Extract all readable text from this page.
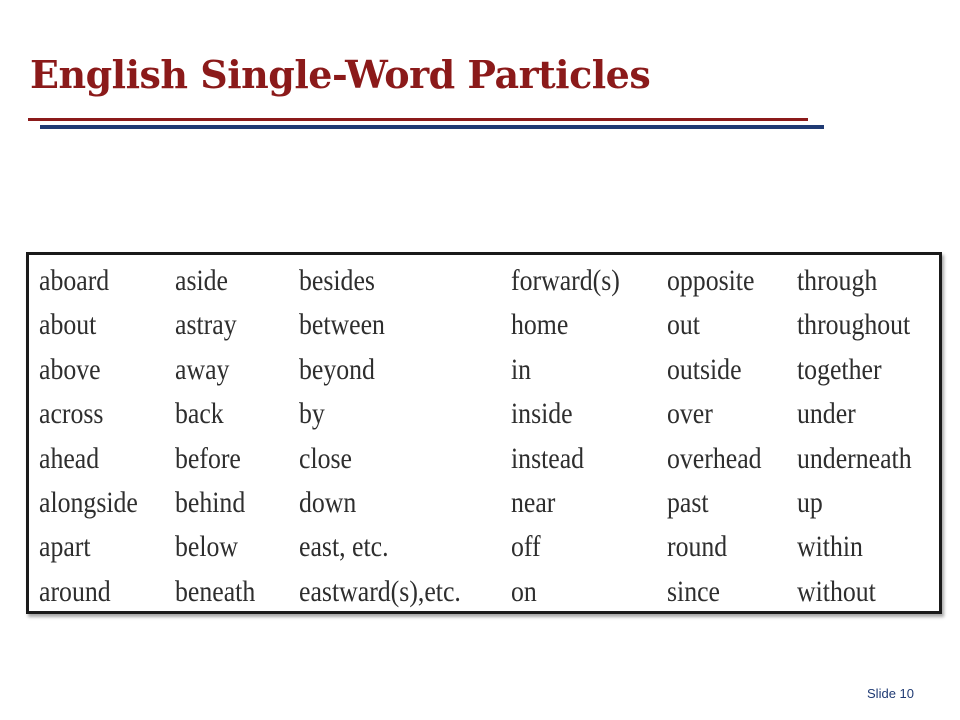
English Single-Word Particles
aboard
about
above
across
ahead
alongside
apart
around
aside
astray
away
back
before
behind
below
beneath
besides
between
beyond
by
close
down
east, etc.
eastward(s),etc.
forward(s)
home
in
inside
instead
near
off
on
opposite
out
outside
over
overhead
past
round
since
through
throughout
together
under
underneath
up
within
without
Slide 10
